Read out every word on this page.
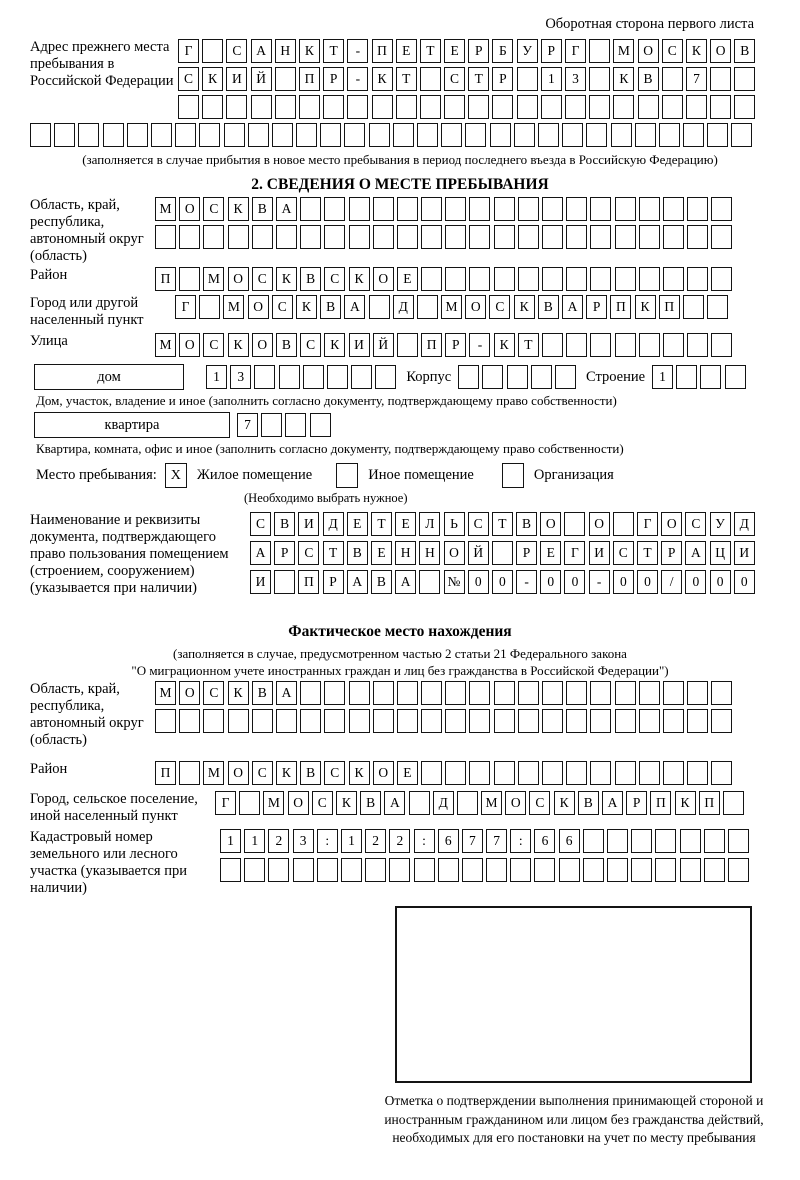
Оборотная сторона первого листа
Адрес прежнего места пребывания в Российской Федерации
Г	С	А	Н	К	Т	-	П	Е	Т	Е	Р	Б	У	Р	Г	М О	С	К	О	В
С	К	И	Й	П	Р	-	К	Т	С	Т	Р	1	3	К	В	7
(заполняется в случае прибытия в новое место пребывания в период последнего въезда в Российскую Федерацию)
2. СВЕДЕНИЯ О МЕСТЕ ПРЕБЫВАНИЯ
Область, край, республика, автономный округ (область)
М О	С	К	В	А
Район	П	М О	С	К	В	С	К	О	Е
Город или другой населенный пункт
Г	М О	С	К	В	А	Д	М О	С	К	В	А	Р	П	К	П
Улица	М О	С	К	О	В	С	К	И	Й	П	Р	-	К	Т
дом	1	3	Корпус	Строение	1
Дом, участок, владение и иное (заполнить согласно документу, подтверждающему право собственности)
квартира	7
Квартира, комната, офис и иное (заполнить согласно документу, подтверждающему право собственности)
Место пребывания: X	Жилое помещение	Иное помещение	Организация
(Необходимо выбрать нужное)
Наименование и реквизиты документа, подтверждающего право пользования помещением (строением, сооружением) (указывается при наличии)
С	В	И	Д	Е	Т	Е	Л	Ь	С	Т	В	О	О	Г	О	С	У	Д
А	Р	С	Т	В	Е	Н	Н	О	Й	Р	Е	Г	И	С	Т	Р	А	Ц	И
И	П	Р	А	В	А	№	0	0	-	0	0	-	0	0	/	0	0	0
Фактическое место нахождения
(заполняется в случае, предусмотренном частью 2 статьи 21 Федерального закона
"О миграционном учете иностранных граждан и лиц без гражданства в Российской Федерации")
Область, край, республика, автономный округ (область)
М О	С	К	В	А
Район	П	М О	С	К	В	С	К	О	Е
Город, сельское поселение, иной населенный пункт
Г	М О	С	К	В	А	Д	М О	С	К	В	А	Р	П	К	П
Кадастровый номер земельного или лесного участка (указывается при наличии)
1	1	2	3	:	1	2	2	:	6	7	7	:	6	6
Отметка о подтверждении выполнения принимающей стороной и иностранным гражданином или лицом без гражданства действий, необходимых для его постановки на учет по месту пребывания
